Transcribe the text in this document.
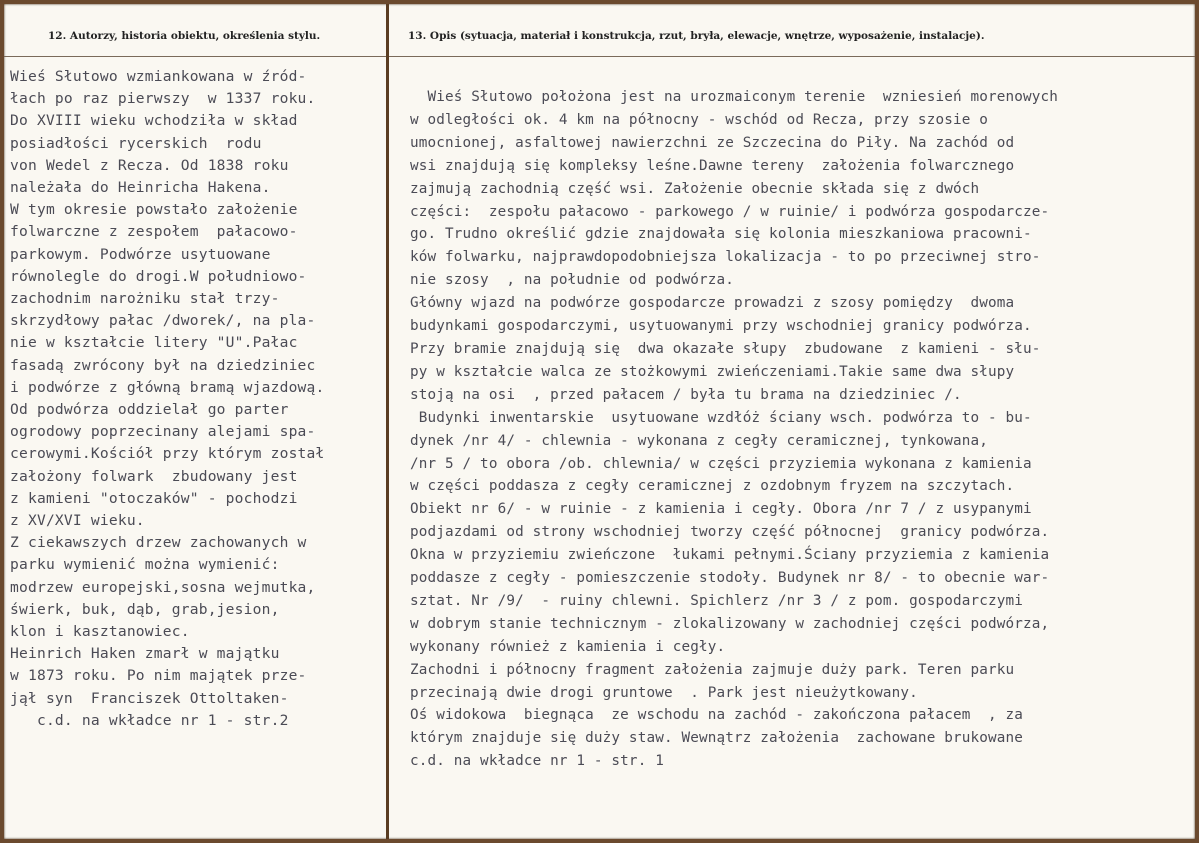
12. Autorzy, historia obiektu, określenia stylu.	13. Opis (sytuacja, materiał i konstrukcja, rzut, bryła, elewacje, wnętrze, wyposażenie, instalacje).
Wieś Słutowo wzmiankowana w źród-
łach po raz pierwszy  w 1337 roku.
Do XVIII wieku wchodziła w skład
posiadłości rycerskich  rodu
von Wedel z Recza. Od 1838 roku
należała do Heinricha Hakena.
W tym okresie powstało założenie
folwarczne z zespołem  pałacowo-
parkowym. Podwórze usytuowane
równolegle do drogi.W południowo-
zachodnim narożniku stał trzy-
skrzydłowy pałac /dworek/, na pla-
nie w kształcie litery "U".Pałac
fasadą zwrócony był na dziedziniec
i podwórze z główną bramą wjazdową.
Od podwórza oddzielał go parter
ogrodowy poprzecinany alejami spa-
cerowymi.Kościół przy którym został
założony folwark  zbudowany jest
z kamieni "otoczaków" - pochodzi
z XV/XVI wieku.
Z ciekawszych drzew zachowanych w
parku wymienić można wymienić:
modrzew europejski,sosna wejmutka,
świerk, buk, dąb, grab,jesion,
klon i kasztanowiec.
Heinrich Haken zmarł w majątku
w 1873 roku. Po nim majątek prze-
jął syn  Franciszek Ottoltaken-
c.d. na wkładce nr 1 - str.2
Wieś Słutowo położona jest na urozmaiconym terenie  wzniesień morenowych
w odległości ok. 4 km na północny - wschód od Recza, przy szosie o
umocnionej, asfaltowej nawierzchni ze Szczecina do Piły. Na zachód od
wsi znajdują się kompleksy leśne.Dawne tereny  założenia folwarcznego
zajmują zachodnią część wsi. Założenie obecnie składa się z dwóch
części:  zespołu pałacowo - parkowego / w ruinie/ i podwórza gospodarcze-
go. Trudno określić gdzie znajdowała się kolonia mieszkaniowa pracowni-
ków folwarku, najprawdopodobniejsza lokalizacja - to po przeciwnej stro-
nie szosy  , na południe od podwórza.
Główny wjazd na podwórze gospodarcze prowadzi z szosy pomiędzy  dwoma
budynkami gospodarczymi, usytuowanymi przy wschodniej granicy podwórza.
Przy bramie znajdują się  dwa okazałe słupy  zbudowane  z kamieni - słu-
py w kształcie walca ze stożkowymi zwieńczeniami.Takie same dwa słupy
stoją na osi  , przed pałacem / była tu brama na dziedziniec /.
Budynki inwentarskie  usytuowane wzdłóż ściany wsch. podwórza to - bu-
dynek /nr 4/ - chlewnia - wykonana z cegły ceramicznej, tynkowana,
/nr 5 / to obora /ob. chlewnia/ w części przyziemia wykonana z kamienia
w części poddasza z cegły ceramicznej z ozdobnym fryzem na szczytach.
Obiekt nr 6/ - w ruinie - z kamienia i cegły. Obora /nr 7 / z usypanymi
podjazdami od strony wschodniej tworzy część północnej  granicy podwórza.
Okna w przyziemiu zwieńczone  łukami pełnymi.Ściany przyziemia z kamienia
poddasze z cegły - pomieszczenie stodoły. Budynek nr 8/ - to obecnie war-
sztat. Nr /9/  - ruiny chlewni. Spichlerz /nr 3 / z pom. gospodarczymi
w dobrym stanie technicznym - zlokalizowany w zachodniej części podwórza,
wykonany również z kamienia i cegły.
Zachodni i północny fragment założenia zajmuje duży park. Teren parku
przecinają dwie drogi gruntowe  . Park jest nieużytkowany.
Oś widokowa  biegnąca  ze wschodu na zachód - zakończona pałacem  , za
którym znajduje się duży staw. Wewnątrz założenia  zachowane brukowane
c.d. na wkładce nr 1 - str. 1
